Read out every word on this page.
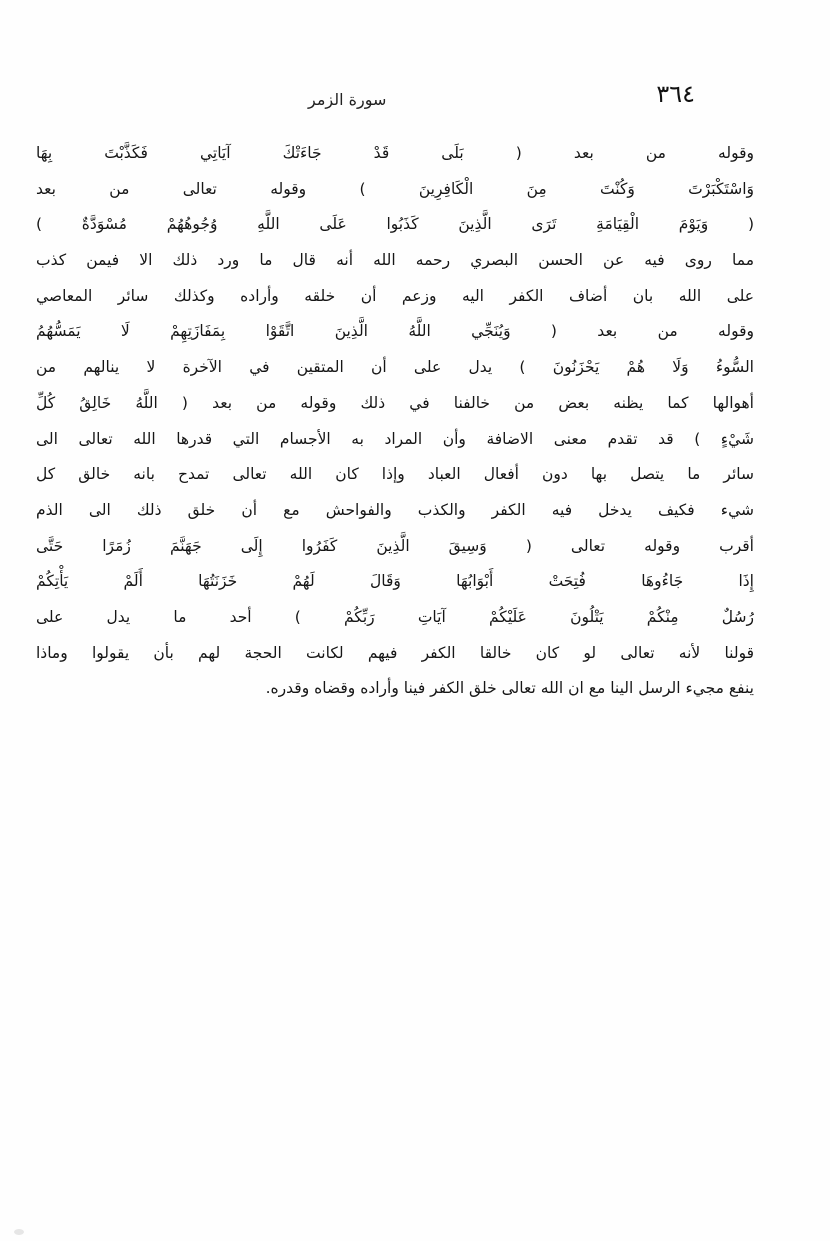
٣٦٤
سورة الزمر
وقوله من بعد ( بَلَى قَدْ جَاءَتْكَ آيَاتِي فَكَذَّبْتَ بِهَا
وَاسْتَكْبَرْتَ وَكُنْتَ مِنَ الْكَافِرِينَ ) وقوله تعالى من بعد
( وَيَوْمَ الْقِيَامَةِ تَرَى الَّذِينَ كَذَبُوا عَلَى اللَّهِ وُجُوهُهُمْ مُسْوَدَّةٌ )
مما روى فيه عن الحسن البصري رحمه الله أنه قال ما ورد ذلك الا فيمن كذب
على الله بان أضاف الكفر اليه وزعم أن خلقه وأراده وكذلك سائر المعاصي
وقوله من بعد ( وَيُنَجِّي اللَّهُ الَّذِينَ اتَّقَوْا بِمَفَازَتِهِمْ لَا يَمَسُّهُمُ
السُّوءُ وَلَا هُمْ يَحْزَنُونَ ) يدل على أن المتقين في الآخرة لا ينالهم من
أهوالها كما يظنه بعض من خالفنا في ذلك وقوله من بعد ( اللَّهُ خَالِقُ كُلِّ
شَيْءٍ ) قد تقدم معنى الاضافة وأن المراد به الأجسام التي قدرها الله تعالى الى
سائر ما يتصل بها دون أفعال العباد وإذا كان الله تعالى تمدح بانه خالق كل
شيء فكيف يدخل فيه الكفر والكذب والفواحش مع أن خلق ذلك الى الذم
أقرب وقوله تعالى ( وَسِيقَ الَّذِينَ كَفَرُوا إِلَى جَهَنَّمَ زُمَرًا حَتَّى
إِذَا جَاءُوهَا فُتِحَتْ أَبْوَابُهَا وَقَالَ لَهُمْ خَزَنَتُهَا أَلَمْ يَأْتِكُمْ
رُسُلٌ مِنْكُمْ يَتْلُونَ عَلَيْكُمْ آيَاتِ رَبِّكُمْ ) أحد ما يدل على
قولنا لأنه تعالى لو كان خالقا الكفر فيهم لكانت الحجة لهم بأن يقولوا وماذا
ينفع مجيء الرسل الينا مع ان الله تعالى خلق الكفر فينا وأراده وقضاه وقدره.
